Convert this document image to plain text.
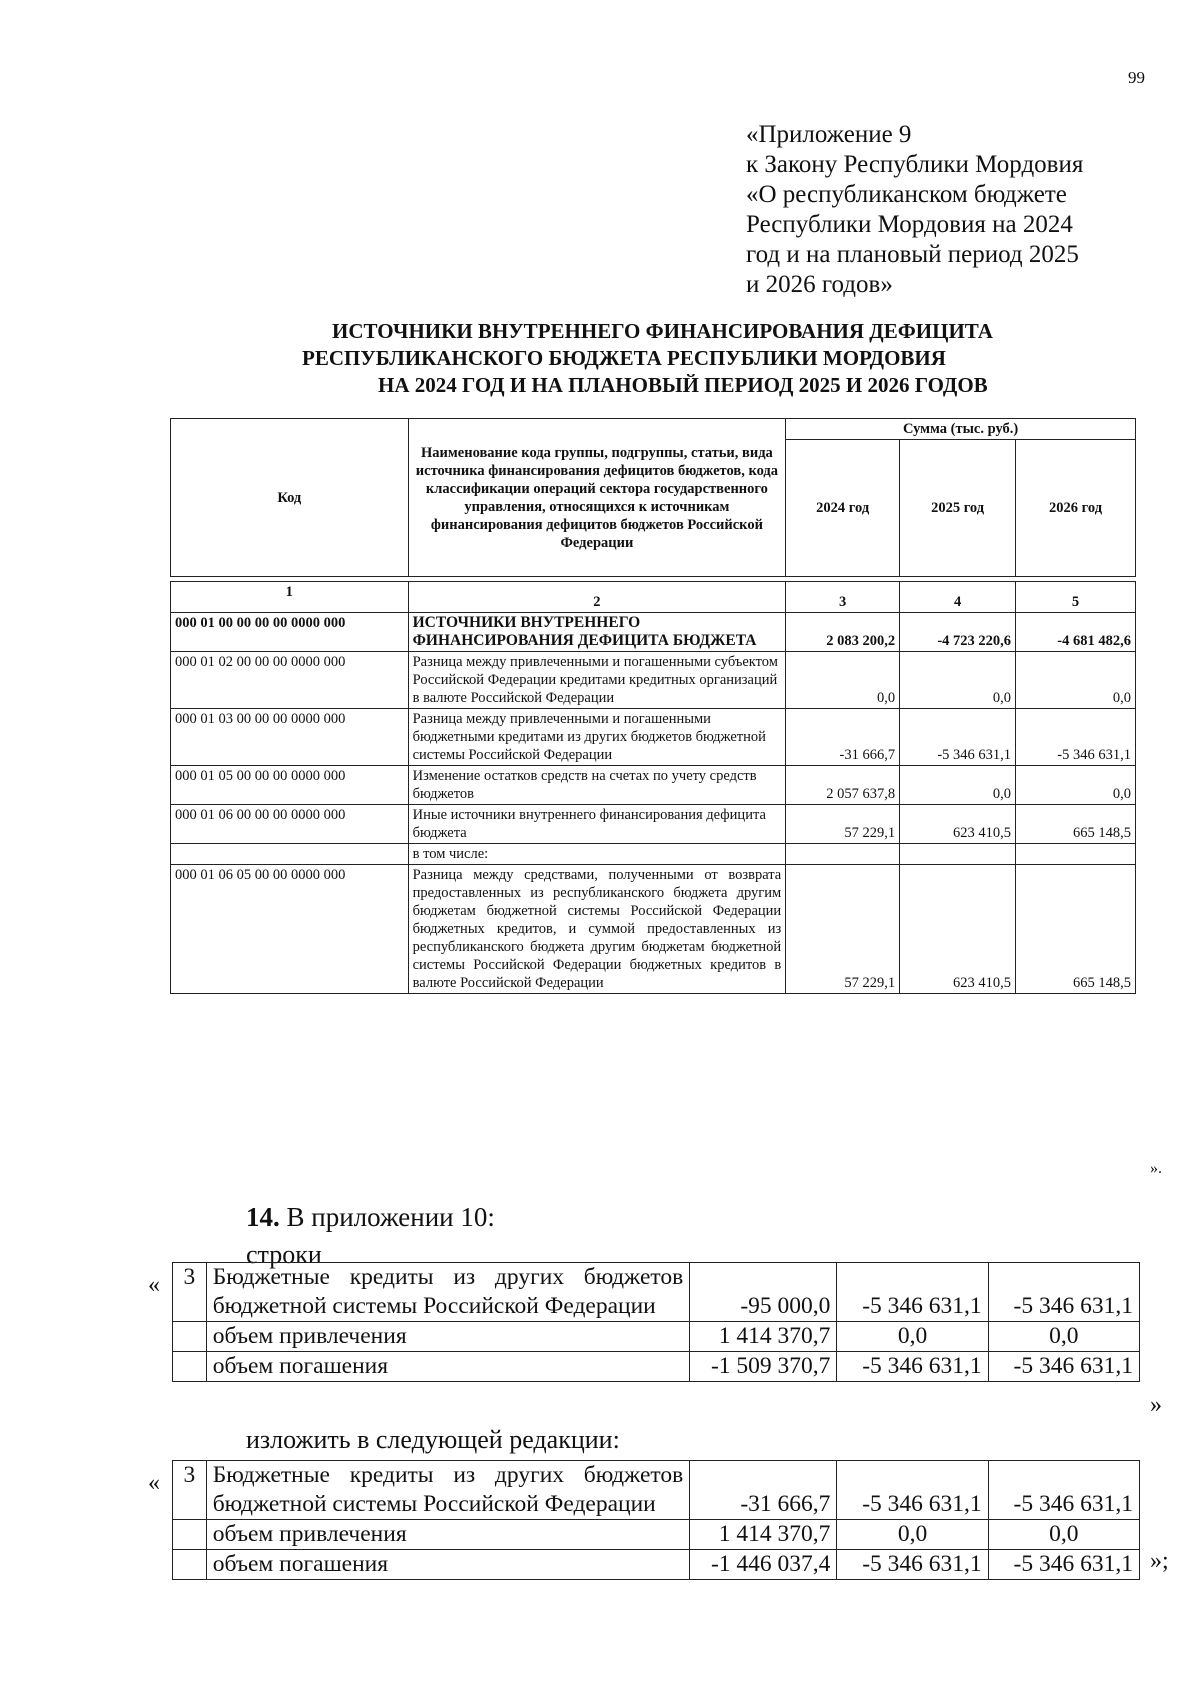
99
«Приложение 9
к Закону Республики Мордовия
«О республиканском бюджете
Республики Мордовия на 2024
год и на плановый период 2025
и 2026 годов»
ИСТОЧНИКИ ВНУТРЕННЕГО ФИНАНСИРОВАНИЯ ДЕФИЦИТА
РЕСПУБЛИКАНСКОГО БЮДЖЕТА РЕСПУБЛИКИ МОРДОВИЯ
НА 2024 ГОД И НА ПЛАНОВЫЙ ПЕРИОД 2025 И 2026 ГОДОВ
Код	Наименование кода группы, подгруппы, статьи, вида источника финансирования дефицитов бюджетов, кода классификации операций сектора государственного управления, относящихся к источникам финансирования дефицитов бюджетов Российской Федерации	Сумма (тыс. руб.)		
		2024 год	2025 год	2026 год

1	2	3	4	5
000 01 00 00 00 00 0000 000	ИСТОЧНИКИ ВНУТРЕННЕГО ФИНАНСИРОВАНИЯ ДЕФИЦИТА БЮДЖЕТА	2 083 200,2	-4 723 220,6	-4 681 482,6
000 01 02 00 00 00 0000 000	Разница между привлеченными и погашенными субъектом Российской Федерации кредитами кредитных организаций в валюте Российской Федерации	0,0	0,0	0,0
000 01 03 00 00 00 0000 000	Разница между привлеченными и погашенными бюджетными кредитами из других бюджетов бюджетной системы Российской Федерации	-31 666,7	-5 346 631,1	-5 346 631,1
000 01 05 00 00 00 0000 000	Изменение остатков средств на счетах по учету средств бюджетов	2 057 637,8	0,0	0,0
000 01 06 00 00 00 0000 000	Иные источники внутреннего финансирования дефицита бюджета	57 229,1	623 410,5	665 148,5
	в том числе:			
000 01 06 05 00 00 0000 000	Разница между средствами, полученными от возврата предоставленных из республиканского бюджета другим бюджетам бюджетной системы Российской Федерации бюджетных кредитов, и суммой предоставленных из республиканского бюджета другим бюджетам бюджетной системы Российской Федерации бюджетных кредитов в валюте Российской Федерации	57 229,1	623 410,5	665 148,5
».
14. В приложении 10:
строки
« 3	Бюджетные кредиты из других бюджетов бюджетной системы Российской Федерации	-95 000,0	-5 346 631,1	-5 346 631,1
	объем привлечения	1 414 370,7	0,0	0,0
	объем погашения	-1 509 370,7	-5 346 631,1	-5 346 631,1
»
изложить в следующей редакции:
« 3	Бюджетные кредиты из других бюджетов бюджетной системы Российской Федерации	-31 666,7	-5 346 631,1	-5 346 631,1
	объем привлечения	1 414 370,7	0,0	0,0
	объем погашения	-1 446 037,4	-5 346 631,1	-5 346 631,1 »;
